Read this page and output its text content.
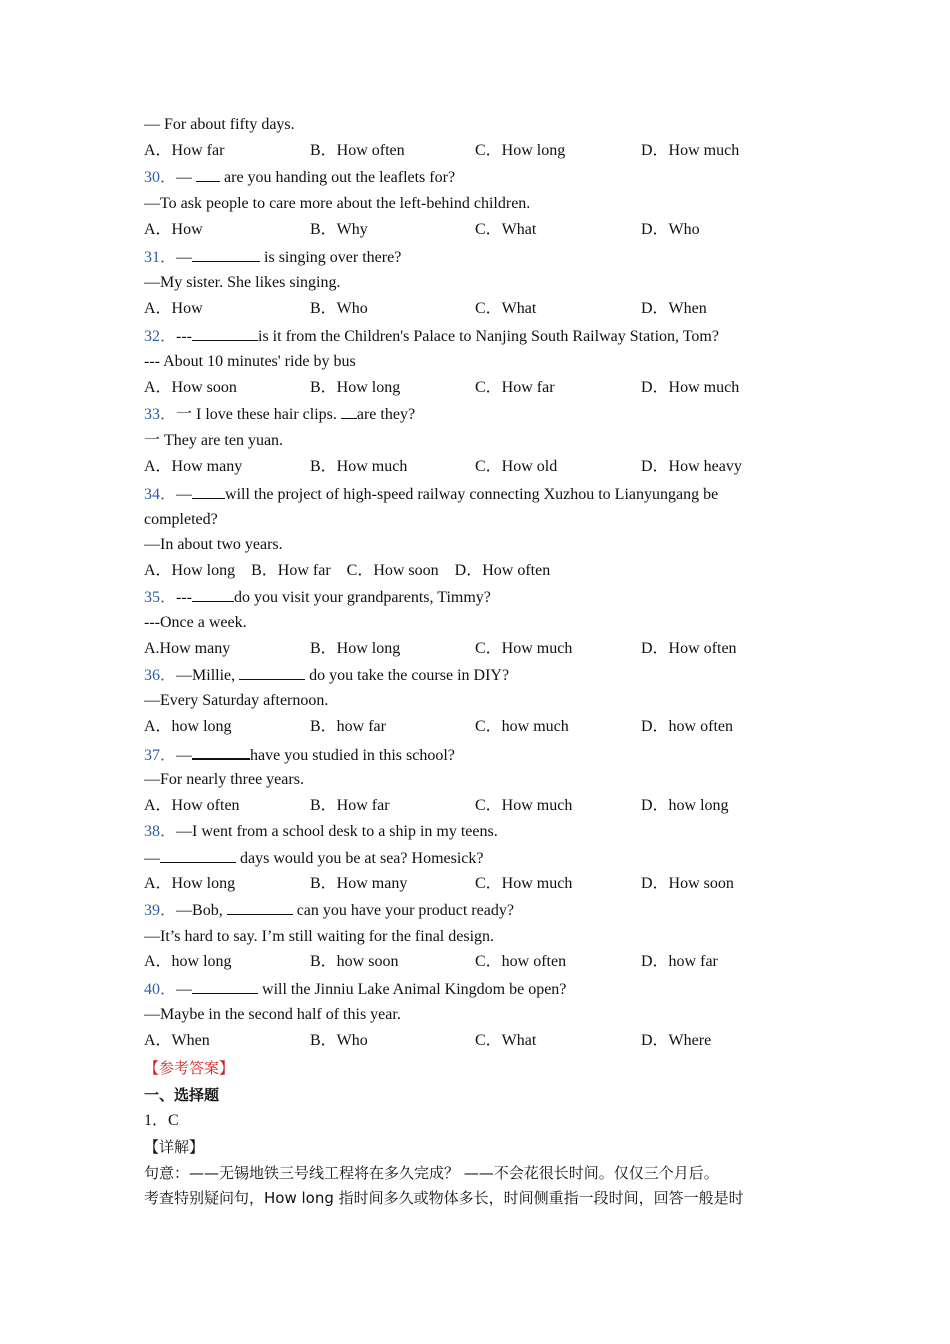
— For about fifty days.
A．How far	B．How often	C．How long	D．How much
30．—  are you handing out the leaflets for?
—To ask people to care more about the left-behind children.
A．How	B．Why	C．What	D．Who
31．—	is singing over there?
—My sister. She likes singing.
A．How	B．Who	C．What	D．When
32．---	is it from the Children's Palace to Nanjing South Railway Station, Tom?
--- About 10 minutes' ride by bus
A．How soon	B．How long	C．How far	D．How much
33．一 I love these hair clips. are they?
一 They are ten yuan.
A．How many	B．How much	C．How old	D．How heavy
34．— will the project of high-speed railway connecting Xuzhou to Lianyungang be
completed?
—In about two years.
A．How long    B．How far    C．How soon    D．How often
35．---	do you visit your grandparents, Timmy?
---Once a week.
A.How many	B．How long	C．How much	D．How often
36．—Millie,	do you take the course in DIY?
—Every Saturday afternoon.
A．how long	B．how far	C．how much	D．how often
37．—	have you studied in this school?
—For nearly three years.
A．How often	B．How far	C．How much	D．how long
38．—I went from a school desk to a ship in my teens.
—	days would you be at sea? Homesick?
A．How long	B．How many	C．How much	D．How soon
39．—Bob,	can you have your product ready?
—It’s hard to say. I’m still waiting for the final design.
A．how long	B．how soon	C．how often	D．how far
40．—	will the Jinniu Lake Animal Kingdom be open?
—Maybe in the second half of this year.
A．When	B．Who	C．What	D．Where
【参考答案】
一、选择题
1．C
【详解】
句意：——无锡地铁三号线工程将在多久完成？ ——不会花很长时间。仅仅三个月后。
考查特别疑问句，How long 指时间多久或物体多长，时间侧重指一段时间，回答一般是时
